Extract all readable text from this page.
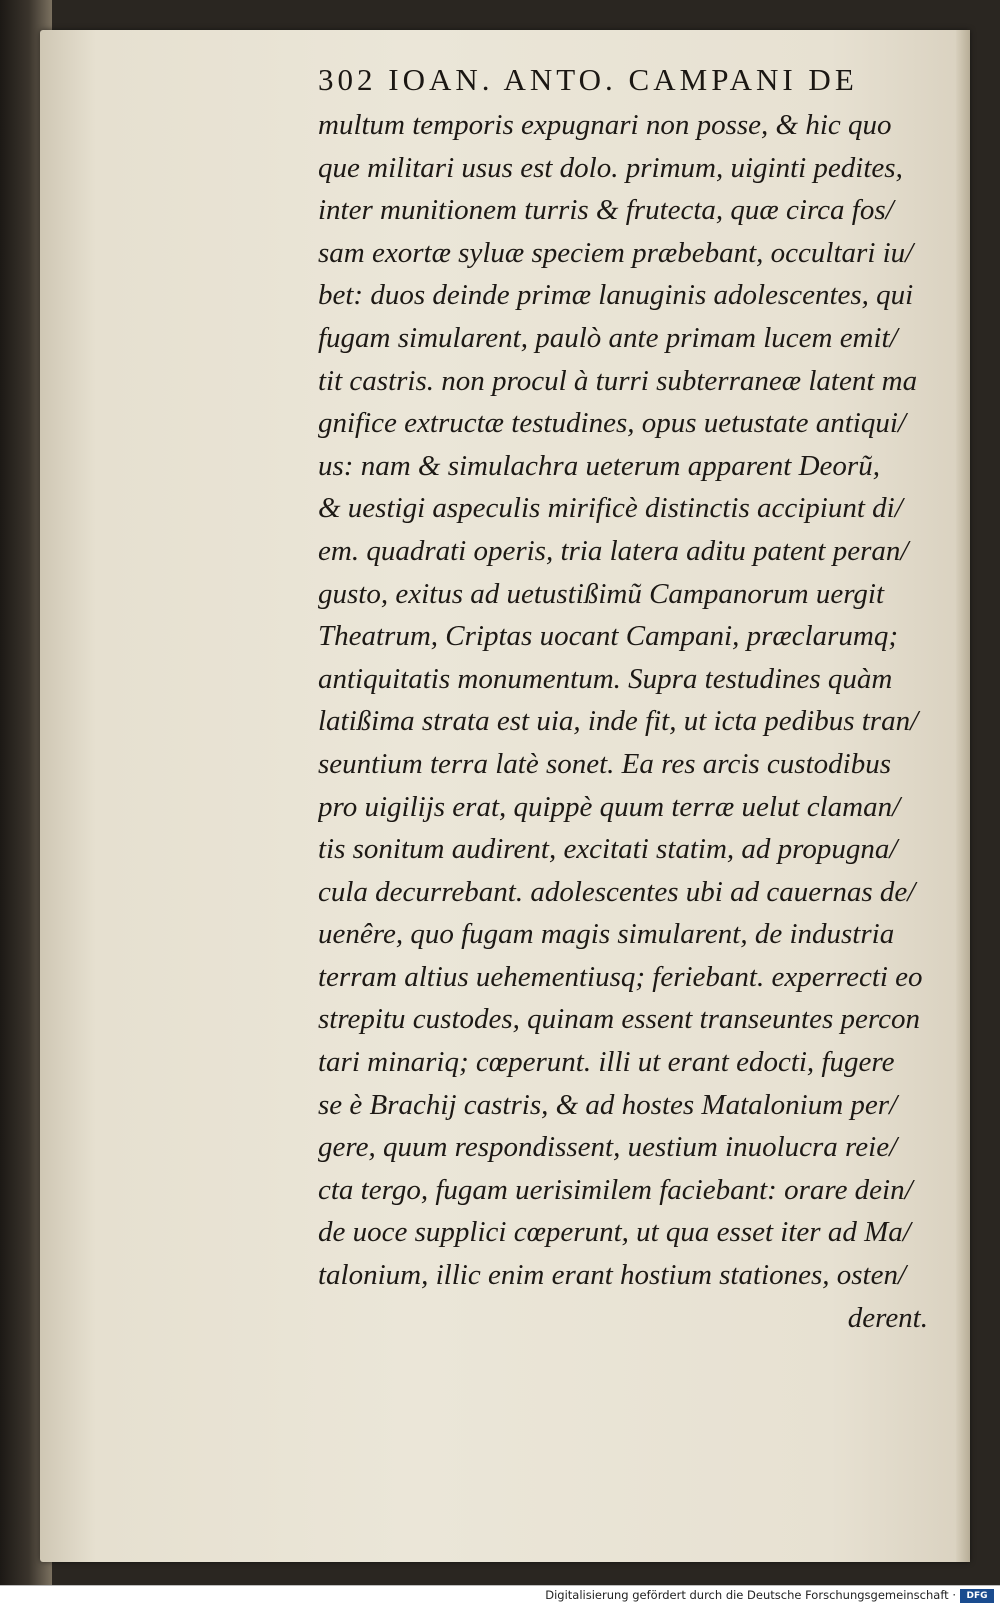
302 IOAN. ANTO. CAMPANI DE
multum temporis expugnari non posse, & hic quo
que militari usus est dolo. primum, uiginti pedites,
inter munitionem turris & frutecta, quæ circa fos/
sam exortæ syluæ speciem præbebant, occultari iu/
bet: duos deinde primæ lanuginis adolescentes, qui
fugam simularent, paulò ante primam lucem emit/
tit castris. non procul à turri subterraneæ latent ma
gnifice extructæ testudines, opus uetustate antiqui/
us: nam & simulachra ueterum apparent Deorũ,
& uestigi aspeculis mirificè distinctis accipiunt di/
em. quadrati operis, tria latera aditu patent peran/
gusto, exitus ad uetustißimũ Campanorum uergit
Theatrum, Criptas uocant Campani, præclarumq;
antiquitatis monumentum. Supra testudines quàm
latißima strata est uia, inde fit, ut icta pedibus tran/
seuntium terra latè sonet. Ea res arcis custodibus
pro uigilijs erat, quippè quum terræ uelut claman/
tis sonitum audirent, excitati statim, ad propugna/
cula decurrebant. adolescentes ubi ad cauernas de/
uenêre, quo fugam magis simularent, de industria
terram altius uehementiusq; feriebant. experrecti eo
strepitu custodes, quinam essent transeuntes percon
tari minariq; cœperunt. illi ut erant edocti, fugere
se è Brachij castris, & ad hostes Matalonium per/
gere, quum respondissent, uestium inuolucra reie/
cta tergo, fugam uerisimilem faciebant: orare dein/
de uoce supplici cœperunt, ut qua esset iter ad Ma/
talonium, illic enim erant hostium stationes, osten/
derent.
Digitalisierung gefördert durch die Deutsche Forschungsgemeinschaft ·	DFG
